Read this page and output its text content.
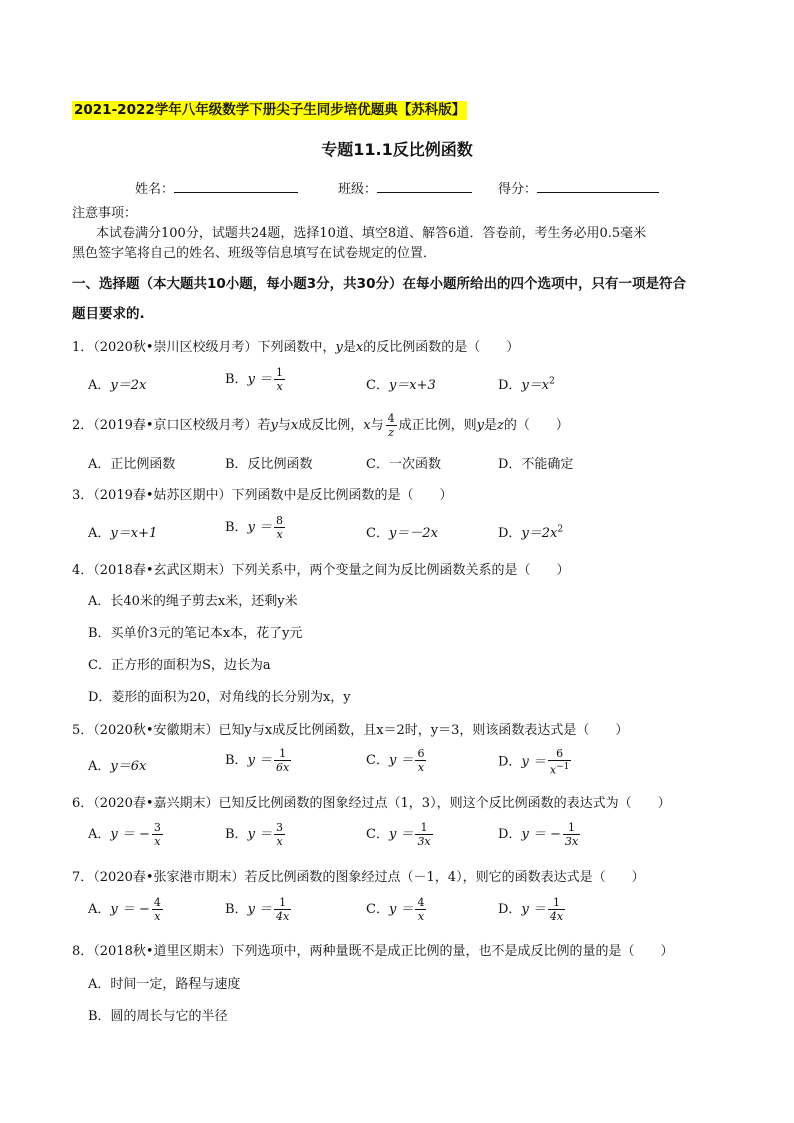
2021-2022学年八年级数学下册尖子生同步培优题典【苏科版】
专题11.1反比例函数
姓名：	班级：	得分：
注意事项：
本试卷满分100分，试题共24题，选择10道、填空8道、解答6道．答卷前，考生务必用0.5毫米
黑色签字笔将自己的姓名、班级等信息填写在试卷规定的位置．
一、选择题（本大题共10小题，每小题3分，共30分）在每小题所给出的四个选项中，只有一项是符合
题目要求的.
1．（2020秋•崇川区校级月考）下列函数中，y是x的反比例函数的是（　　）
A．y＝2x	B．$y = \frac{1}{x}$	C．y＝x+3	D．$y=x^2$
2．（2019春•京口区校级月考）若y与x成反比例，x与 $\frac{4}{z}$ 成正比例，则y是z的（　　）
A．正比例函数	B．反比例函数	C．一次函数	D．不能确定
3．（2019春•姑苏区期中）下列函数中是反比例函数的是（　　）
A．y＝x+1	B．$y = \frac{8}{x}$	C．y＝－2x	D．$y=2x^2$
4．（2018春•玄武区期末）下列关系中，两个变量之间为反比例函数关系的是（　　）
A．长40米的绳子剪去x米，还剩y米
B．买单价3元的笔记本x本，花了y元
C．正方形的面积为S，边长为a
D．菱形的面积为20，对角线的长分别为x，y
5．（2020秋•安徽期末）已知y与x成反比例函数，且x＝2时，y＝3，则该函数表达式是（　　）
A．y＝6x	B．$y = \frac{1}{6x}$	C．$y = \frac{6}{x}$	D．$y = \frac{6}{x^{-1}}$
6．（2020春•嘉兴期末）已知反比例函数的图象经过点（1，3），则这个反比例函数的表达式为（　　）
A．y ＝ − $\frac{3}{x}$	B．$y = \frac{3}{x}$	C．$y = \frac{1}{3x}$	D．y ＝ − $\frac{1}{3x}$
7．（2020春•张家港市期末）若反比例函数的图象经过点（－1，4），则它的函数表达式是（　　）
A．y ＝ − $\frac{4}{x}$	B．$y = \frac{1}{4x}$	C．$y = \frac{4}{x}$	D．$y = \frac{1}{4x}$
8．（2018秋•道里区期末）下列选项中，两种量既不是成正比例的量，也不是成反比例的量的是（　　）
A．时间一定，路程与速度
B．圆的周长与它的半径
